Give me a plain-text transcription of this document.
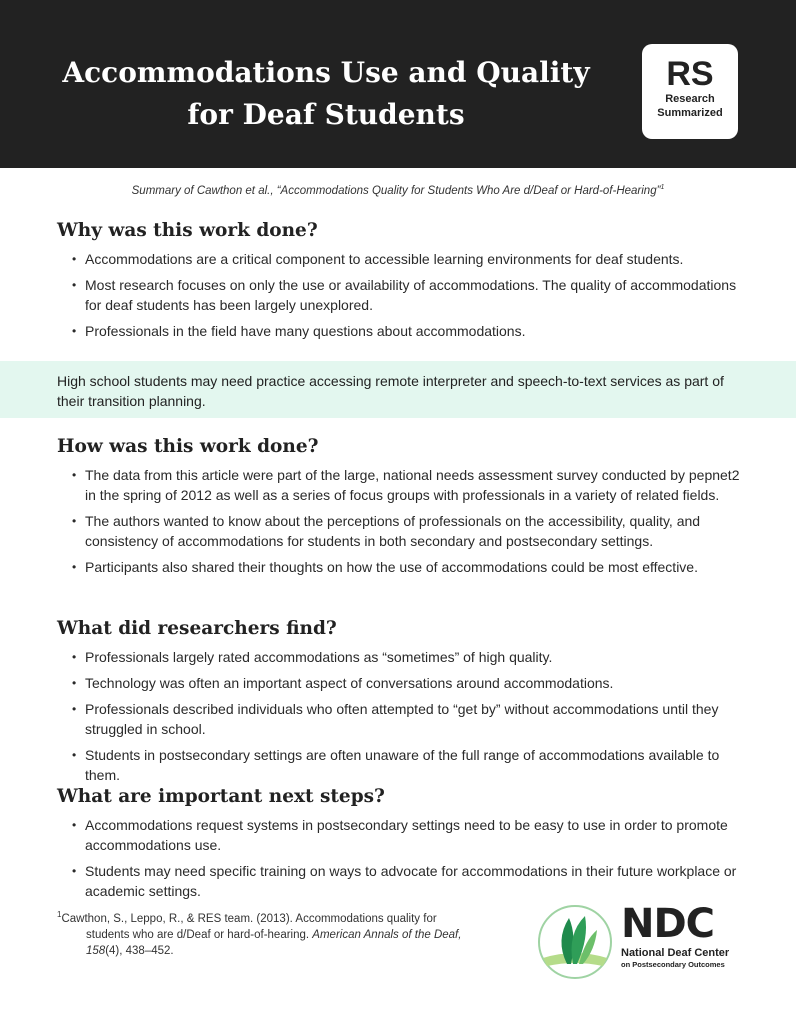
Accommodations Use and Quality
for Deaf Students
RS
Research
Summarized
Summary of Cawthon et al., “Accommodations Quality for Students Who Are d/Deaf or Hard-of-Hearing”$^1$
Why was this work done?
• Accommodations are a critical component to accessible learning environments for deaf students.
• Most research focuses on only the use or availability of accommodations. The quality of accommodations for deaf students has been largely unexplored.
• Professionals in the field have many questions about accommodations.
High school students may need practice accessing remote interpreter and speech-to-text services as part of their transition planning.
How was this work done?
• The data from this article were part of the large, national needs assessment survey conducted by pepnet2 in the spring of 2012 as well as a series of focus groups with professionals in a variety of related fields.
• The authors wanted to know about the perceptions of professionals on the accessibility, quality, and consistency of accommodations for students in both secondary and postsecondary settings.
• Participants also shared their thoughts on how the use of accommodations could be most effective.
What did researchers find?
• Professionals largely rated accommodations as “sometimes” of high quality.
• Technology was often an important aspect of conversations around accommodations.
• Professionals described individuals who often attempted to “get by” without accommodations until they struggled in school.
• Students in postsecondary settings are often unaware of the full range of accommodations available to them.
What are important next steps?
• Accommodations request systems in postsecondary settings need to be easy to use in order to promote accommodations use.
• Students may need specific training on ways to advocate for accommodations in their future workplace or academic settings.
$^1$Cawthon, S., Leppo, R., & RES team. (2013). Accommodations quality for
students who are d/Deaf or hard-of-hearing. American Annals of the Deaf,
158(4), 438–452.
NDC
National Deaf Center
on Postsecondary Outcomes
